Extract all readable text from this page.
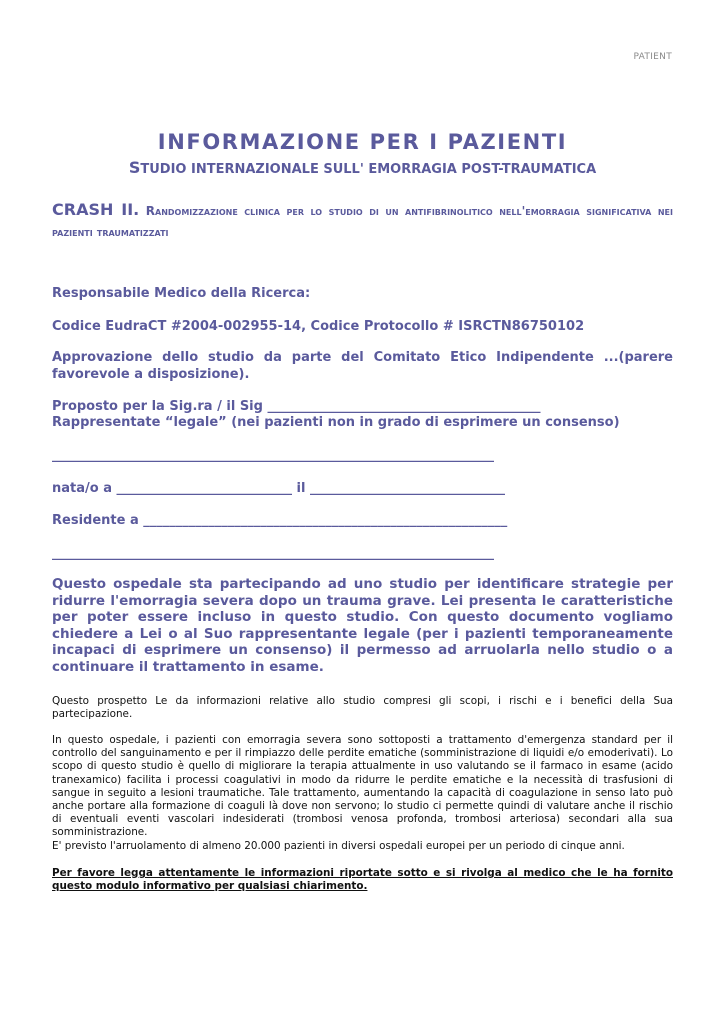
PATIENT
INFORMAZIONE PER I PAZIENTI
STUDIO INTERNAZIONALE SULL' EMORRAGIA POST-TRAUMATICA
CRASH II. Randomizzazione clinica per lo studio di un antifibrinolitico nell'emorragia significativa nei pazienti traumatizzati
Responsabile Medico della Ricerca:
Codice EudraCT #2004-002955-14, Codice Protocollo # ISRCTN86750102
Approvazione dello studio da parte del Comitato Etico Indipendente ...(parere favorevole a disposizione).
Proposto per la Sig.ra / il Sig __________________________________________
Rappresentate “legale” (nei pazienti non in grado di esprimere un consenso)
____________________________________________________________________
nata/o a ___________________________ il ______________________________
Residente a ________________________________________________________
____________________________________________________________________
Questo ospedale sta partecipando ad uno studio per identificare strategie per ridurre l'emorragia severa dopo un trauma grave. Lei presenta le caratteristiche per poter essere incluso in questo studio. Con questo documento vogliamo chiedere a Lei o al Suo rappresentante legale (per i pazienti temporaneamente incapaci di esprimere un consenso) il permesso ad arruolarla nello studio o a continuare il trattamento in esame.
Questo prospetto Le da informazioni relative allo studio compresi gli scopi, i rischi e i benefici della Sua partecipazione.
In questo ospedale, i pazienti con emorragia severa sono sottoposti a trattamento d'emergenza standard per il controllo del sanguinamento e per il rimpiazzo delle perdite ematiche (somministrazione di liquidi e/o emoderivati). Lo scopo di questo studio è quello di migliorare la terapia attualmente in uso valutando se il farmaco in esame (acido tranexamico) facilita i processi coagulativi in modo da ridurre le perdite ematiche e la necessità di trasfusioni di sangue in seguito a lesioni traumatiche. Tale trattamento, aumentando la capacità di coagulazione in senso lato può anche portare alla formazione di coaguli là dove non servono; lo studio ci permette quindi di valutare anche il rischio di eventuali eventi vascolari indesiderati (trombosi venosa profonda, trombosi arteriosa) secondari alla sua somministrazione.
E' previsto l'arruolamento di almeno 20.000 pazienti in diversi ospedali europei per un periodo di cinque anni.
Per favore legga attentamente le informazioni riportate sotto e si rivolga al medico che le ha fornito questo modulo informativo per qualsiasi chiarimento.
